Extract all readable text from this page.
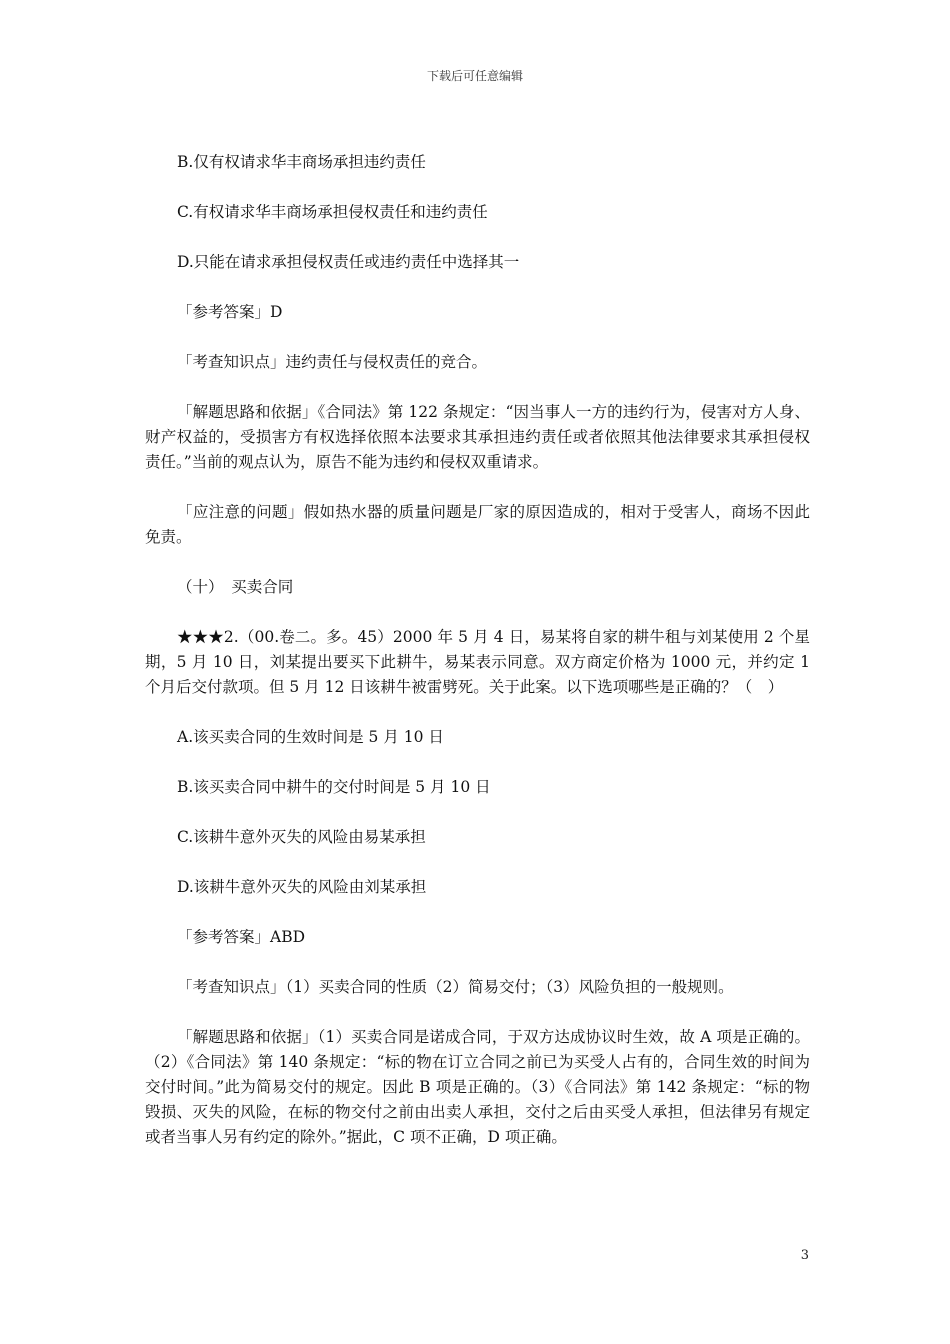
下载后可任意编辑

B.仅有权请求华丰商场承担违约责任

C.有权请求华丰商场承担侵权责任和违约责任

D.只能在请求承担侵权责任或违约责任中选择其一

「参考答案」D

「考查知识点」违约责任与侵权责任的竞合。

「解题思路和依据」《合同法》第 122 条规定：“因当事人一方的违约行为，侵害对方人身、财产权益的，受损害方有权选择依照本法要求其承担违约责任或者依照其他法律要求其承担侵权责任。”当前的观点认为，原告不能为违约和侵权双重请求。

「应注意的问题」假如热水器的质量问题是厂家的原因造成的，相对于受害人，商场不因此免责。

（十）　买卖合同

★★★2.（00.卷二。多。45）2000 年 5 月 4 日，易某将自家的耕牛租与刘某使用 2 个星期，5 月 10 日，刘某提出要买下此耕牛，易某表示同意。双方商定价格为 1000 元，并约定 1 个月后交付款项。但 5 月 12 日该耕牛被雷劈死。关于此案。以下选项哪些是正确的？（　）

A.该买卖合同的生效时间是 5 月 10 日

B.该买卖合同中耕牛的交付时间是 5 月 10 日

C.该耕牛意外灭失的风险由易某承担

D.该耕牛意外灭失的风险由刘某承担

「参考答案」ABD

「考查知识点」（1）买卖合同的性质（2）简易交付；（3）风险负担的一般规则。

「解题思路和依据」（1）买卖合同是诺成合同，于双方达成协议时生效，故 A 项是正确的。（2）《合同法》第 140 条规定：“标的物在订立合同之前已为买受人占有的，合同生效的时间为交付时间。”此为简易交付的规定。因此 B 项是正确的。（3）《合同法》第 142 条规定：“标的物毁损、灭失的风险，在标的物交付之前由出卖人承担，交付之后由买受人承担，但法律另有规定或者当事人另有约定的除外。”据此，C 项不正确，D 项正确。

3
